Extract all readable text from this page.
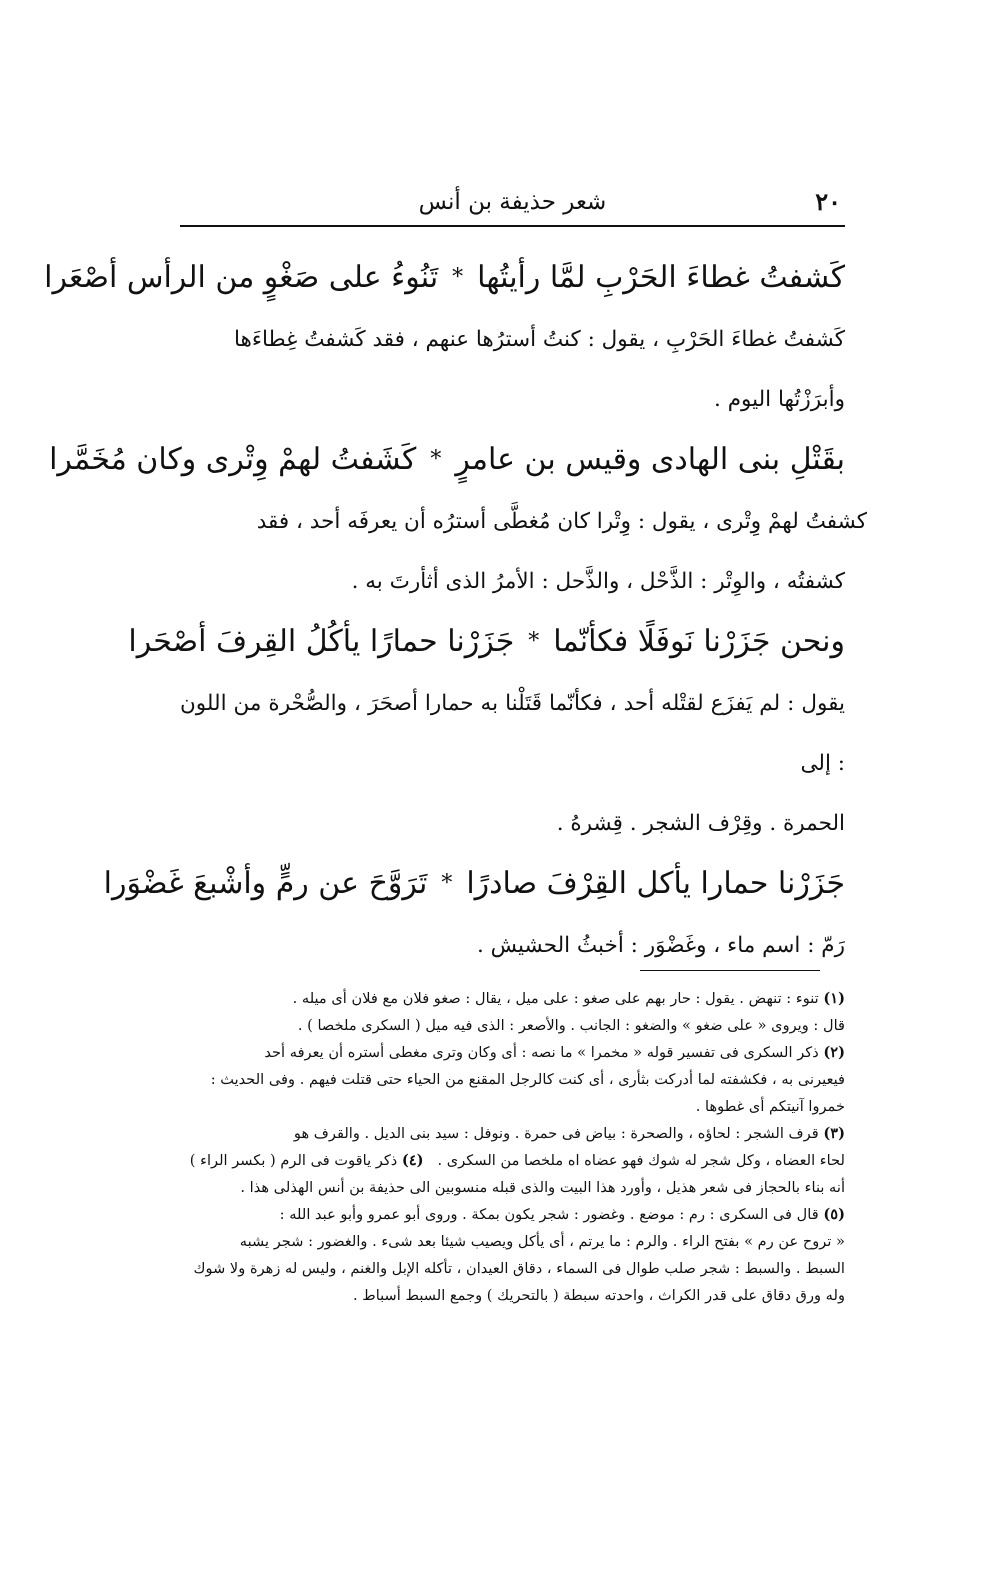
شعر حذيفة بن أنس	٢٠
كَشفتُ غطاءَ الحَرْبِ لمَّا رأيتُها
*
تَنُوءُ على صَغْوٍ من الرأس أصْعَرا

كَشفتُ غطاءَ الحَرْبِ ، يقول : كنتُ أسترُها عنهم ، فقد كَشفتُ غِطاءَها

وأبرَزْتُها اليوم .

بقَتْلِ بنى الهادى وقيس بن عامرٍ
*
كَشَفتُ لهمْ وِتْرى وكان مُخَمَّرا

كشفتُ لهمْ وِتْرى ، يقول : وِتْرا كان مُغطَّى أسترُه أن يعرفَه أحد ، فقد

كشفتُه ، والوِتْر : الذَّحْل ، والذَّحل : الأمرُ الذى أثأرتَ به .

ونحن جَزَرْنا نَوفَلًا فكأنّما
*
جَزَرْنا حمارًا يأكُلُ القِرفَ أصْحَرا

يقول : لم يَفزَع لقتْله أحد ، فكأنّما قَتَلْنا به حمارا أصحَرَ ، والصُّحْرة من اللون : إلى

الحمرة . وقِرْف الشجر . قِشرهُ .

جَزَرْنا حمارا يأكل القِرْفَ صادرًا
*
تَرَوَّحَ عن رمٍّ وأشْبعَ غَضْوَرا

رَمّ : اسم ماء ، وغَضْوَر : أخبثُ الحشيش .

(١) تنوء : تنهض . يقول : حار بهم على صغو : على ميل ، يقال : صغو فلان مع فلان أى ميله .

قال : ويروى « على ضغو » والضغو : الجانب . والأصعر : الذى فيه ميل ( السكرى ملخصا ) .

(٢) ذكر السكرى فى تفسير قوله « مخمرا » ما نصه : أى وكان وترى مغطى أستره أن يعرفه أحد

فيعيرنى به ، فكشفته لما أدركت بثأرى ، أى كنت كالرجل المقنع من الحياء حتى قتلت فيهم . وفى الحديث :

خمروا آنيتكم أى غطوها .

(٣) قرف الشجر : لحاؤه ، والصحرة : بياض فى حمرة . ونوفل : سيد بنى الديل . والقرف هو

لحاء العضاه ، وكل شجر له شوك فهو عضاه اه ملخصا من السكرى .   (٤) ذكر ياقوت فى الرم ( بكسر الراء )

أنه بناء بالحجاز فى شعر هذيل ، وأورد هذا البيت والذى قبله منسوبين الى حذيفة بن أنس الهذلى هذا .

(٥) قال فى السكرى : رم : موضع . وغضور : شجر يكون بمكة . وروى أبو عمرو وأبو عبد الله :

« تروح عن رم » بفتح الراء . والرم : ما يرتم ، أى يأكل ويصيب شيئا بعد شىء . والغضور : شجر يشبه

السبط . والسبط : شجر صلب طوال فى السماء ، دقاق العيدان ، تأكله الإبل والغنم ، وليس له زهرة ولا شوك

وله ورق دقاق على قدر الكراث ، واحدته سبطة ( بالتحريك ) وجمع السبط أسباط .
